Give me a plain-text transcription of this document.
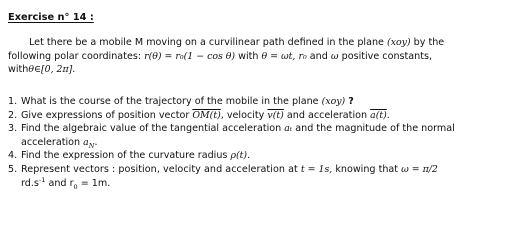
Exercise n° 14 :
Let there be a mobile M moving on a curvilinear path defined in the plane (xoy) by the
following polar coordinates: r(θ) = r₀(1 − cos θ) with θ = ωt, r₀ and ω positive constants,
withθ∈[0, 2π].
1. What is the course of the trajectory of the mobile in the plane (xoy) ?
2. Give expressions of position vector OM(t), velocity v(t) and acceleration a(t).
3. Find the algebraic value of the tangential acceleration aₜ and the magnitude of the normal
acceleration $a_N$.
4. Find the expression of the curvature radius ρ(t).
5. Represent vectors : position, velocity and acceleration at t = 1s, knowing that ω = π/2
$rd.s^{-1}$ and $r_0 = 1m$.
